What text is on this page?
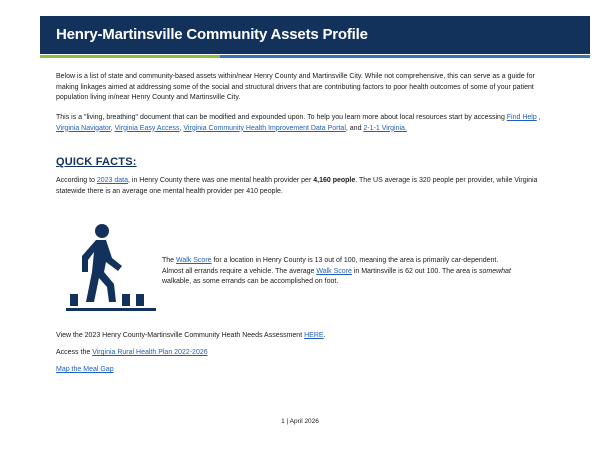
Henry-Martinsville Community Assets Profile
Below is a list of state and community-based assets within/near Henry County and Martinsville City. While not comprehensive, this can serve as a guide for making linkages aimed at addressing some of the social and structural drivers that are contributing factors to poor health outcomes of some of your patient population living in/near Henry County and Martinsville City.
This is a "living, breathing" document that can be modified and expounded upon. To help you learn more about local resources start by accessing Find Help , Virginia Navigator, Virginia Easy Access, Virginia Community Health Improvement Data Portal, and 2-1-1 Virginia.
QUICK FACTS:
According to 2023 data, in Henry County there was one mental health provider per 4,160 people. The US average is 320 people per provider, while Virginia statewide there is an average one mental health provider per 410 people.
The Walk Score for a location in Henry County is 13 out of 100, meaning the area is primarily car-dependent. Almost all errands require a vehicle. The average Walk Score in Martinsville is 62 out 100. The area is somewhat walkable, as some errands can be accomplished on foot.
View the 2023 Henry County-Martinsville Community Heath Needs Assessment HERE.
Access the Virginia Rural Health Plan 2022-2026
Map the Meal Gap
1 | April 2026
